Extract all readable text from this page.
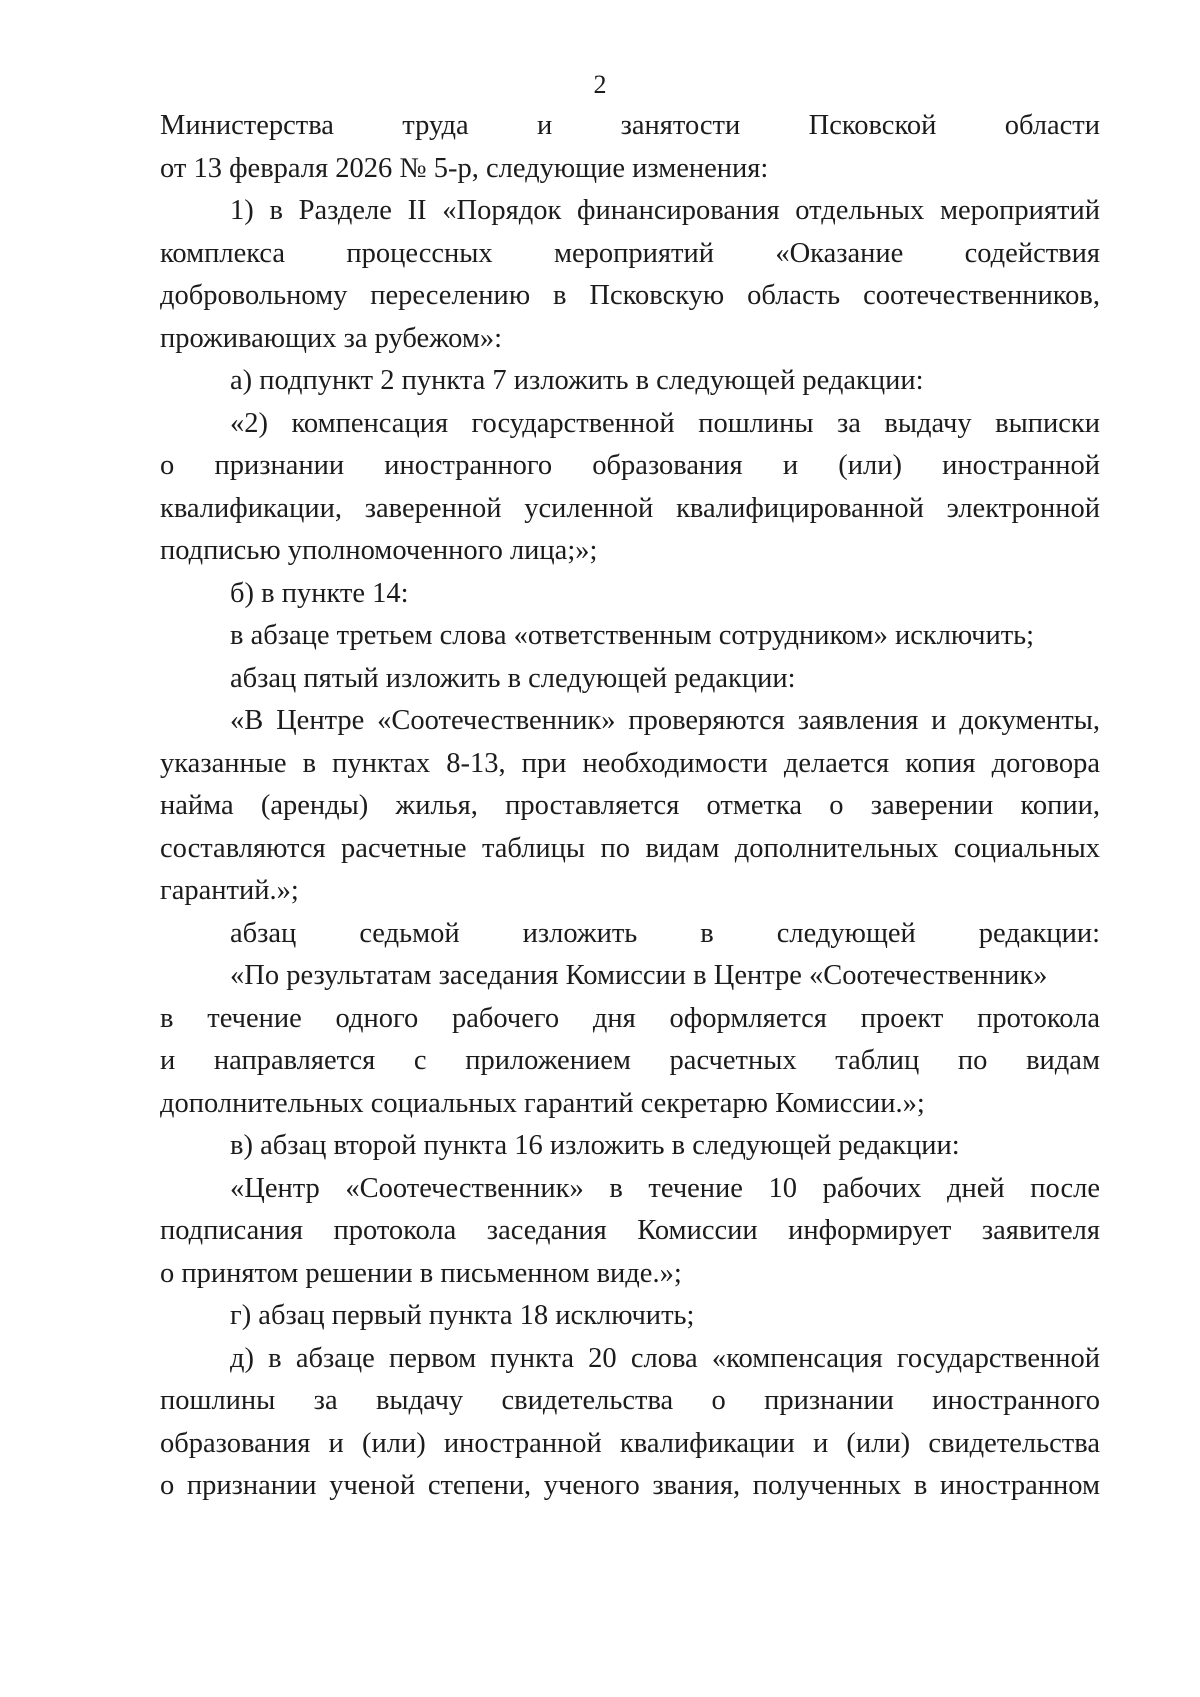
2
Министерства труда и занятости Псковской области
от 13 февраля 2026 № 5-р, следующие изменения:
1) в Разделе II «Порядок финансирования отдельных мероприятий
комплекса процессных мероприятий «Оказание содействия
добровольному переселению в Псковскую область соотечественников,
проживающих за рубежом»:
а) подпункт 2 пункта 7 изложить в следующей редакции:
«2) компенсация государственной пошлины за выдачу выписки
о признании иностранного образования и (или) иностранной
квалификации, заверенной усиленной квалифицированной электронной
подписью уполномоченного лица;»;
б) в пункте 14:
в абзаце третьем слова «ответственным сотрудником» исключить;
абзац пятый изложить в следующей редакции:
«В Центре «Соотечественник» проверяются заявления и документы,
указанные в пунктах 8-13, при необходимости делается копия договора
найма (аренды) жилья, проставляется отметка о заверении копии,
составляются расчетные таблицы по видам дополнительных социальных
гарантий.»;
абзац седьмой изложить в следующей редакции:
«По результатам заседания Комиссии в Центре «Соотечественник»
в течение одного рабочего дня оформляется проект протокола
и направляется с приложением расчетных таблиц по видам
дополнительных социальных гарантий секретарю Комиссии.»;
в) абзац второй пункта 16 изложить в следующей редакции:
«Центр «Соотечественник» в течение 10 рабочих дней после
подписания протокола заседания Комиссии информирует заявителя
о принятом решении в письменном виде.»;
г) абзац первый пункта 18 исключить;
д) в абзаце первом пункта 20 слова «компенсация государственной
пошлины за выдачу свидетельства о признании иностранного
образования и (или) иностранной квалификации и (или) свидетельства
о признании ученой степени, ученого звания, полученных в иностранном
